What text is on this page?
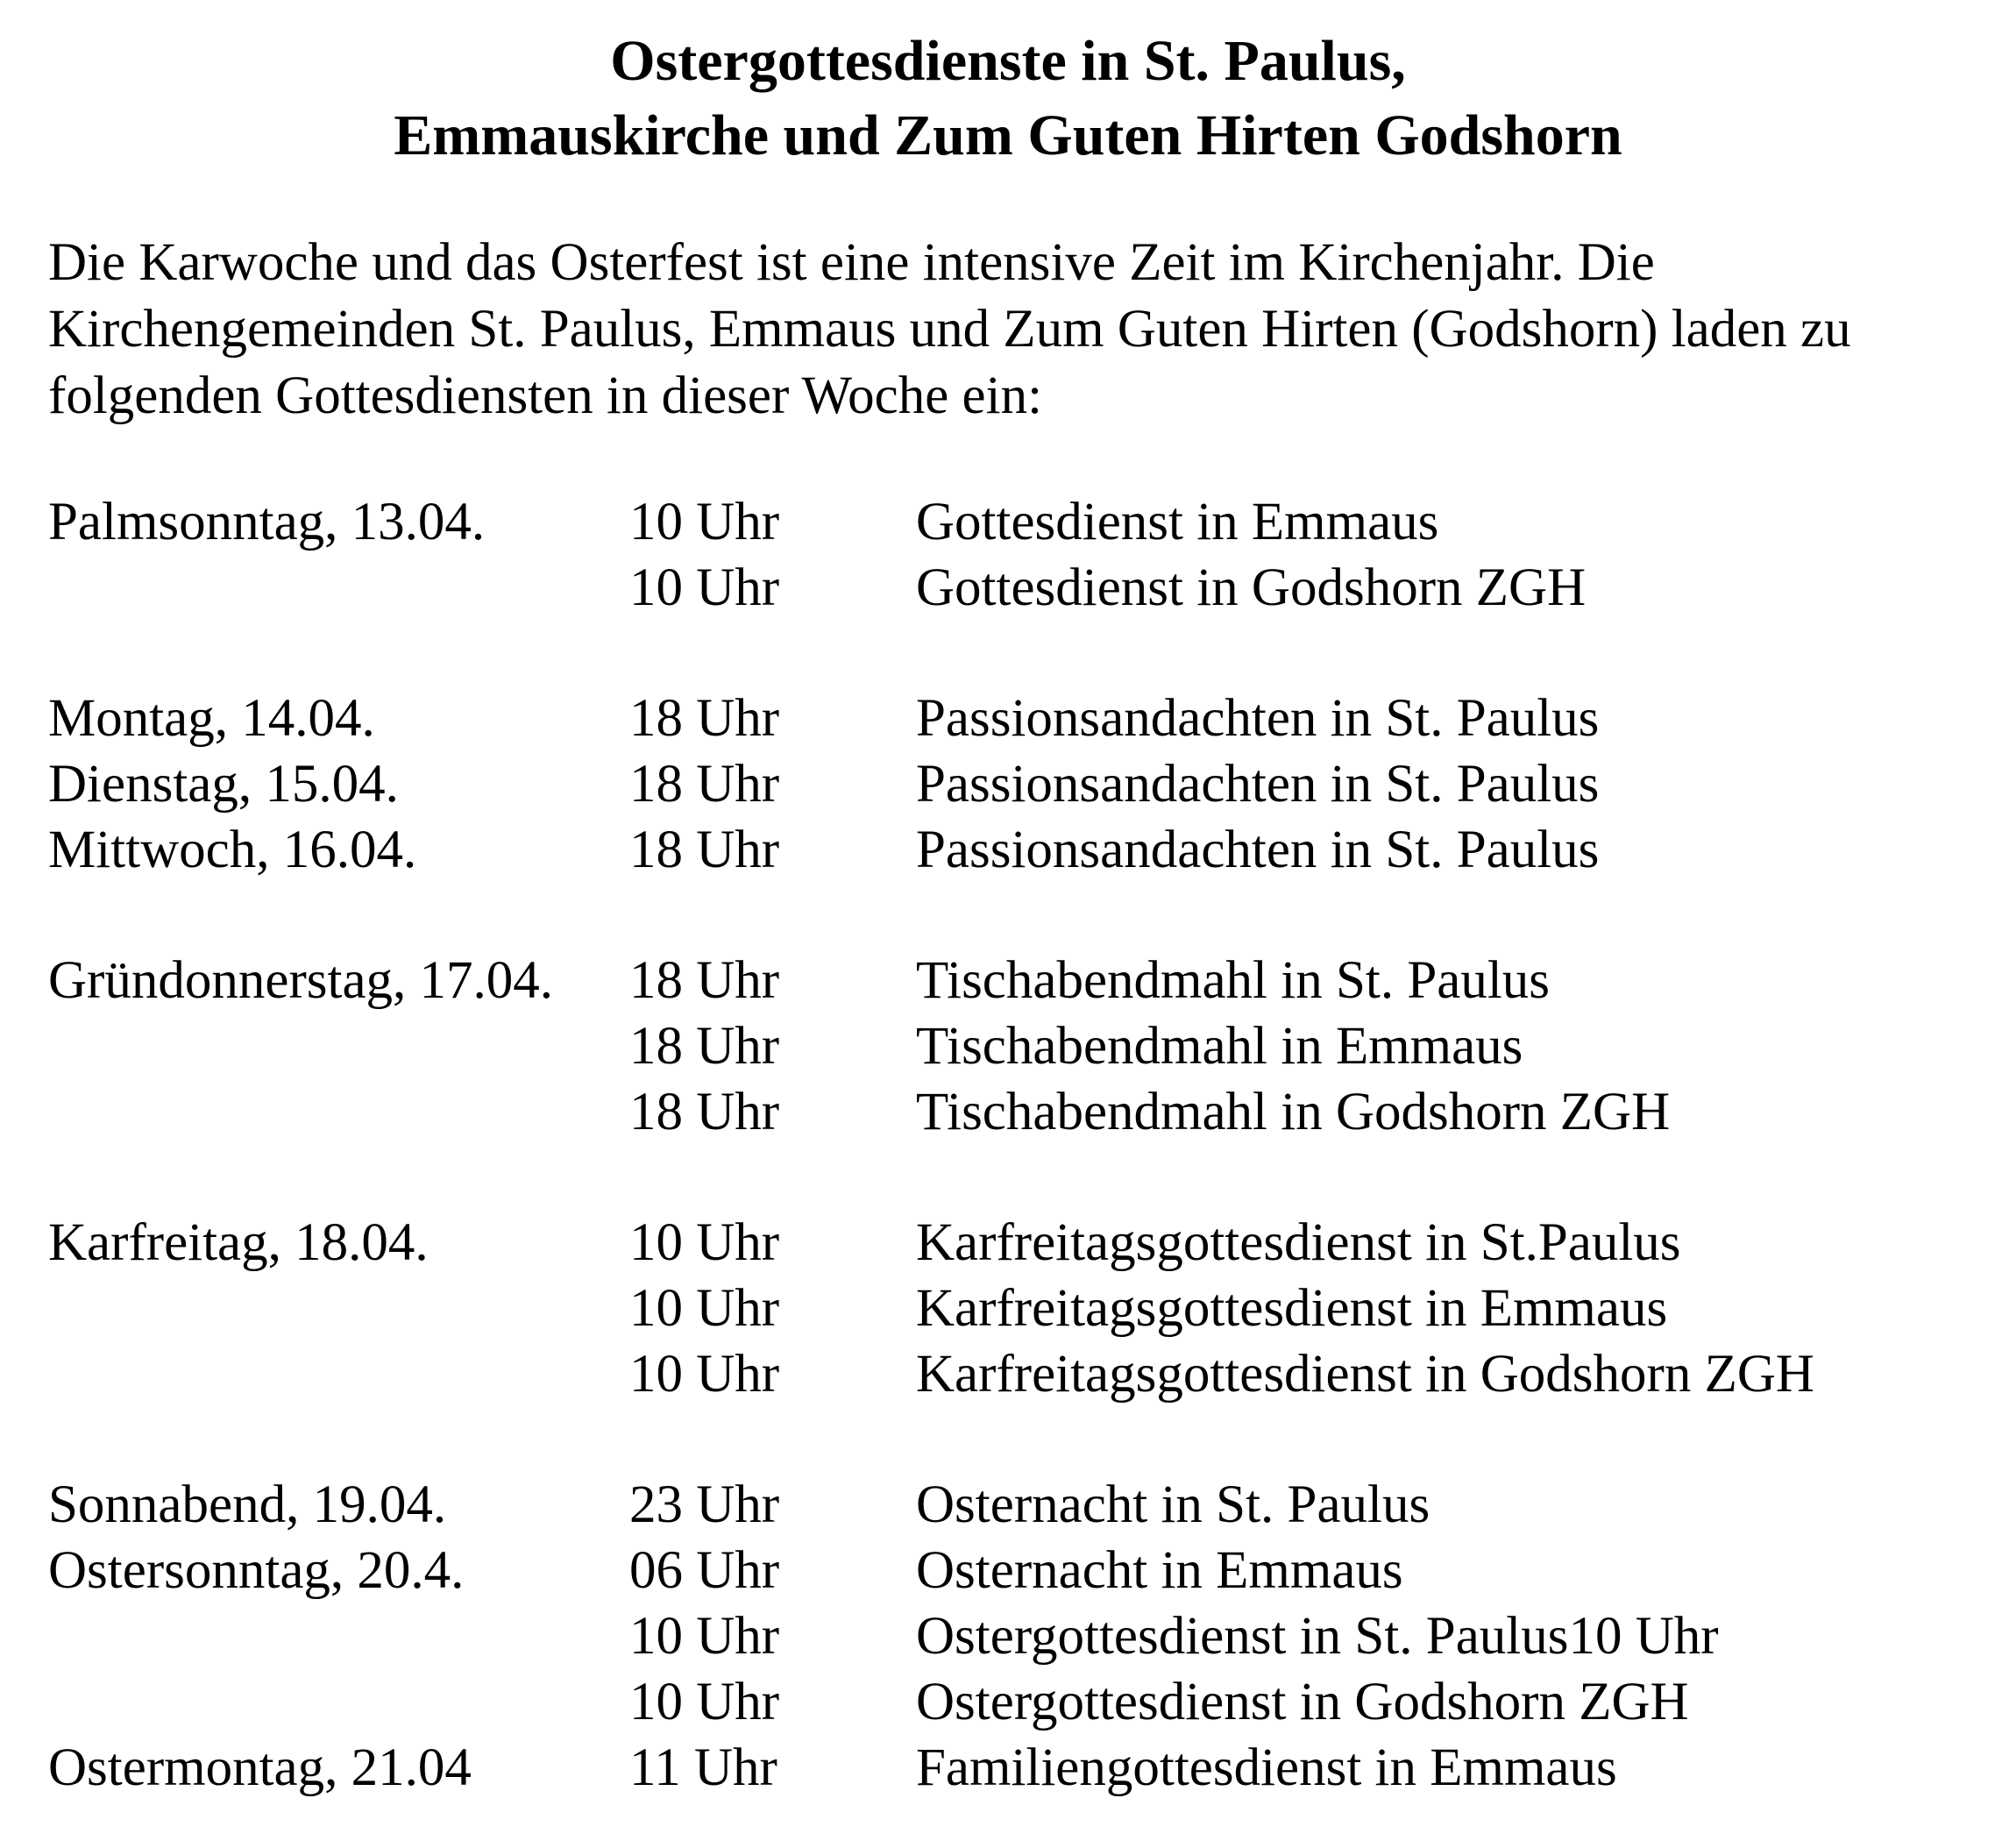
Ostergottesdienste in St. Paulus,
Emmauskirche und Zum Guten Hirten Godshorn
Die Karwoche und das Osterfest ist eine intensive Zeit im Kirchenjahr. Die
Kirchengemeinden St. Paulus, Emmaus und Zum Guten Hirten (Godshorn) laden zu
folgenden Gottesdiensten in dieser Woche ein:
Palmsonntag, 13.04.	10 Uhr	Gottesdienst in Emmaus
10 Uhr	Gottesdienst in Godshorn ZGH
Montag, 14.04.	18 Uhr	Passionsandachten in St. Paulus
Dienstag, 15.04.	18 Uhr	Passionsandachten in St. Paulus
Mittwoch, 16.04.	18 Uhr	Passionsandachten in St. Paulus
Gründonnerstag, 17.04. 18 Uhr	Tischabendmahl in St. Paulus
18 Uhr	Tischabendmahl in Emmaus
18 Uhr	Tischabendmahl in Godshorn ZGH
Karfreitag, 18.04.	10 Uhr	Karfreitagsgottesdienst in St.Paulus
10 Uhr	Karfreitagsgottesdienst in Emmaus
10 Uhr	Karfreitagsgottesdienst in Godshorn ZGH
Sonnabend, 19.04.	23 Uhr	Osternacht in St. Paulus
Ostersonntag, 20.4.	06 Uhr	Osternacht in Emmaus
10 Uhr	Ostergottesdienst in St. Paulus10 Uhr
10 Uhr	Ostergottesdienst in Godshorn ZGH
Ostermontag, 21.04	11 Uhr	Familiengottesdienst in Emmaus
